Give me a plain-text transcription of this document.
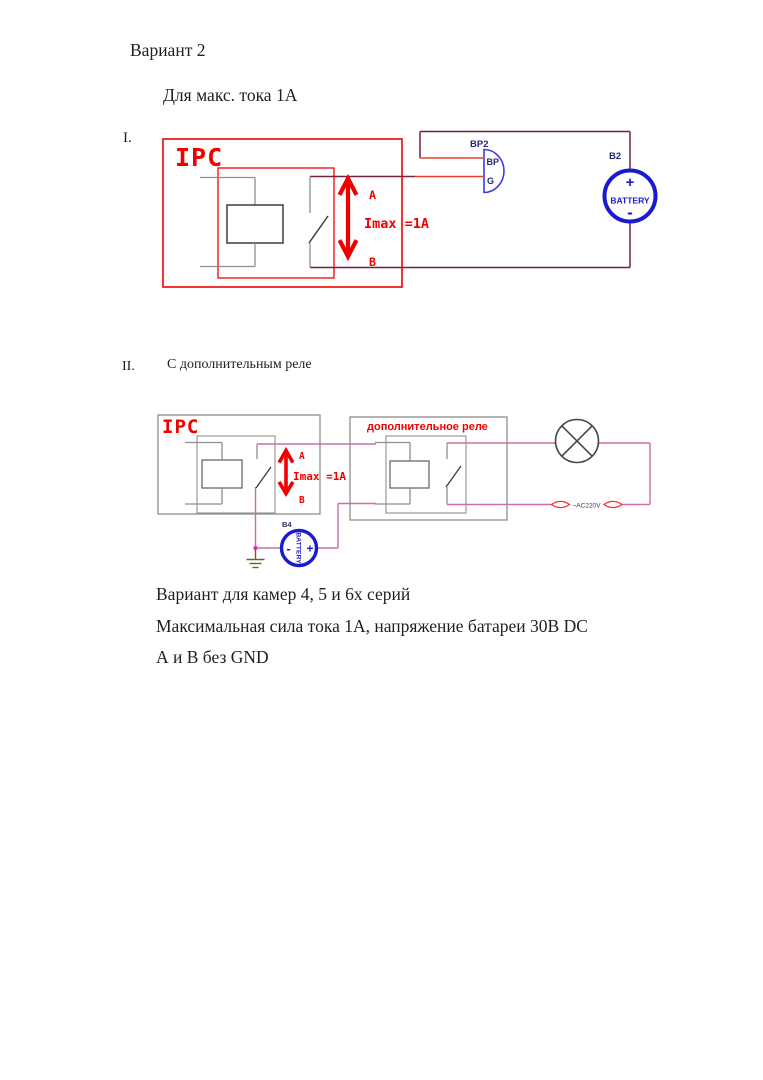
Вариант 2
Для макс. тока 1А
I.
II. С дополнительным реле
Вариант для камер 4, 5 и 6х серий
Максимальная сила тока 1А, напряжение батареи 30В DC
А и В без GND
IPC
A
Imax =1A
B
BP2
BP
G
B2
+
BATTERY
-
IPC
A
Imax =1A
B
B4
BATTERY
- +
дополнительное реле
~AC220V
